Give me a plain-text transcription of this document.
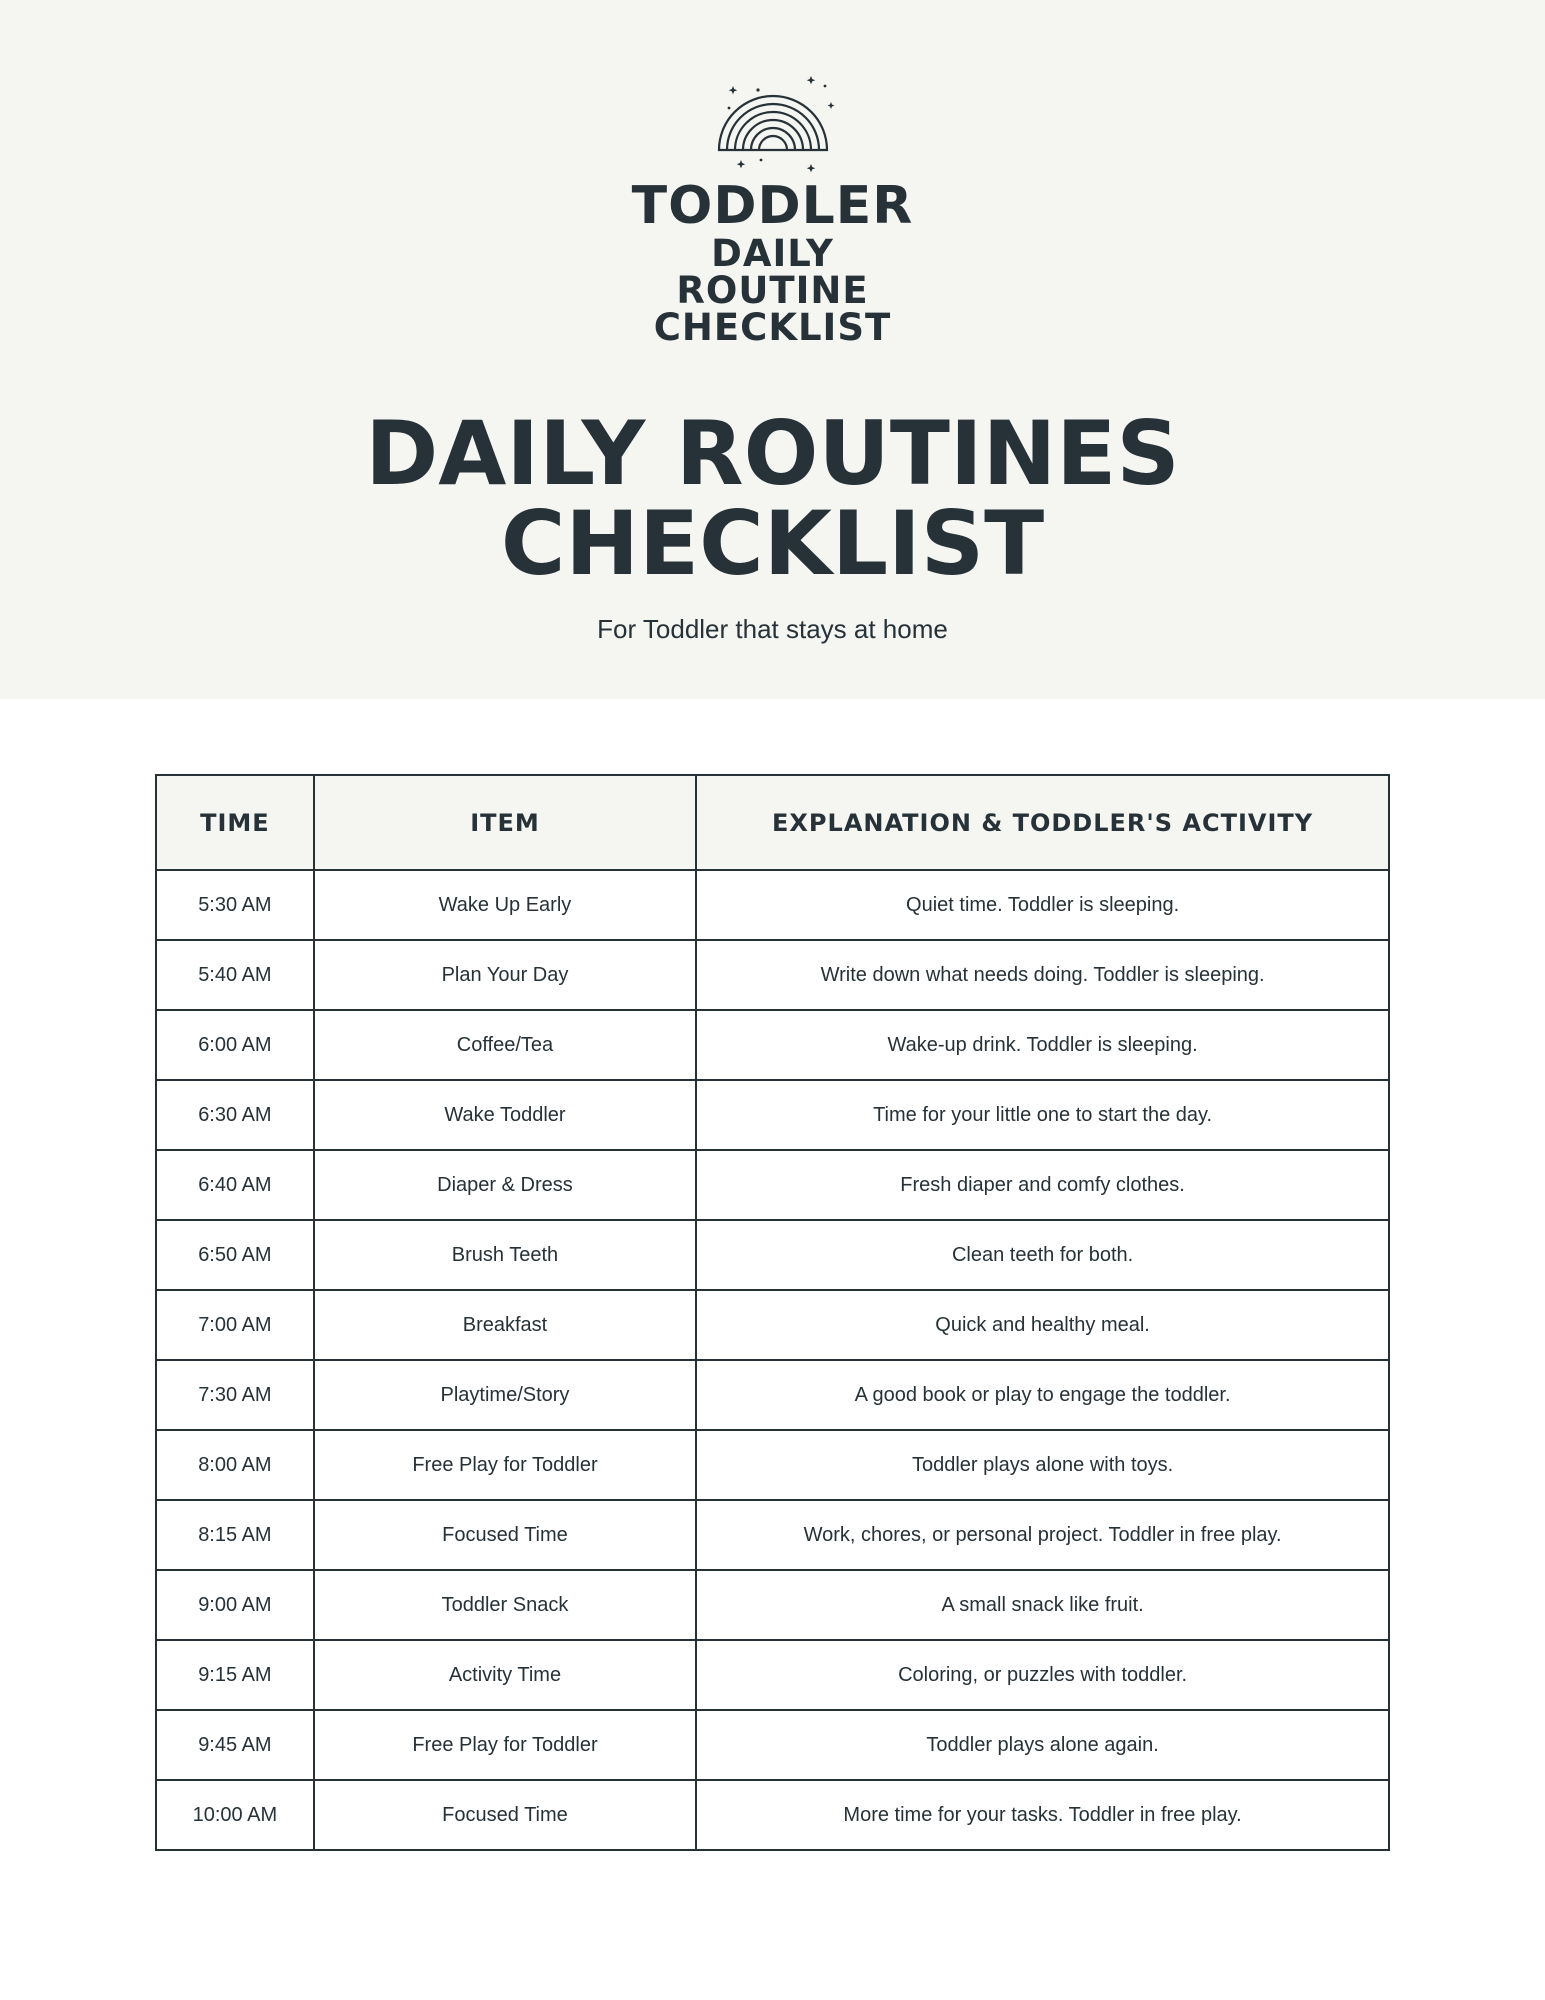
TODDLER
DAILY
ROUTINE
CHECKLIST
DAILY ROUTINES
CHECKLIST
For Toddler that stays at home
TIME	ITEM	EXPLANATION & TODDLER'S ACTIVITY
5:30 AM	Wake Up Early	Quiet time. Toddler is sleeping.
5:40 AM	Plan Your Day	Write down what needs doing. Toddler is sleeping.
6:00 AM	Coffee/Tea	Wake-up drink. Toddler is sleeping.
6:30 AM	Wake Toddler	Time for your little one to start the day.
6:40 AM	Diaper & Dress	Fresh diaper and comfy clothes.
6:50 AM	Brush Teeth	Clean teeth for both.
7:00 AM	Breakfast	Quick and healthy meal.
7:30 AM	Playtime/Story	A good book or play to engage the toddler.
8:00 AM	Free Play for Toddler	Toddler plays alone with toys.
8:15 AM	Focused Time	Work, chores, or personal project. Toddler in free play.
9:00 AM	Toddler Snack	A small snack like fruit.
9:15 AM	Activity Time	Coloring, or puzzles with toddler.
9:45 AM	Free Play for Toddler	Toddler plays alone again.
10:00 AM	Focused Time	More time for your tasks. Toddler in free play.
